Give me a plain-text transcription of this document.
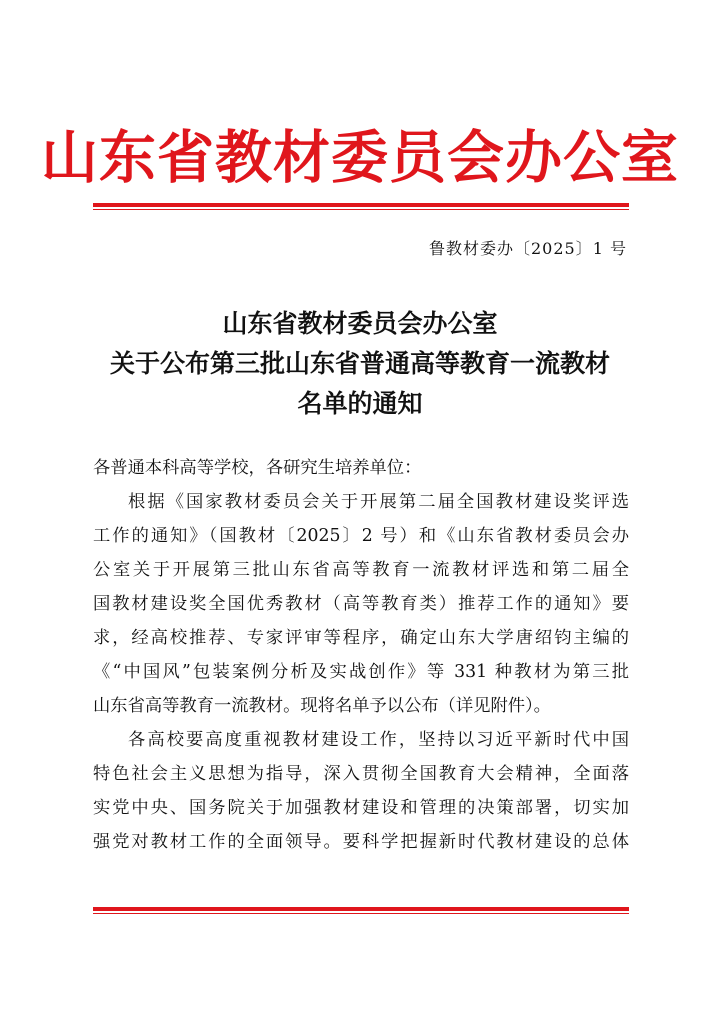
山东省教材委员会办公室
鲁教材委办〔2025〕1 号
山东省教材委员会办公室
关于公布第三批山东省普通高等教育一流教材
名单的通知
各普通本科高等学校，各研究生培养单位：
根据《国家教材委员会关于开展第二届全国教材建设奖评选
工作的通知》（国教材〔2025〕2 号）和《山东省教材委员会办
公室关于开展第三批山东省高等教育一流教材评选和第二届全
国教材建设奖全国优秀教材（高等教育类）推荐工作的通知》要
求，经高校推荐、专家评审等程序，确定山东大学唐绍钧主编的
《“中国风”包装案例分析及实战创作》等 331 种教材为第三批
山东省高等教育一流教材。现将名单予以公布（详见附件）。
各高校要高度重视教材建设工作，坚持以习近平新时代中国
特色社会主义思想为指导，深入贯彻全国教育大会精神，全面落
实党中央、国务院关于加强教材建设和管理的决策部署，切实加
强党对教材工作的全面领导。要科学把握新时代教材建设的总体
